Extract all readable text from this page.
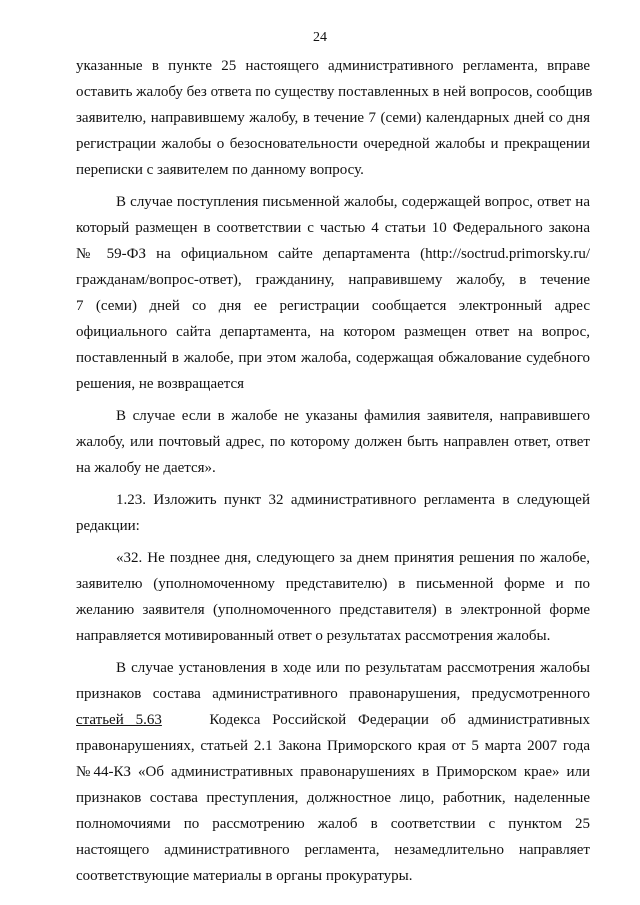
24
указанные в пункте 25 настоящего административного регламента, вправе
оставить жалобу без ответа по существу поставленных в ней вопросов, сообщив
заявителю, направившему жалобу, в течение 7 (семи) календарных дней со дня
регистрации жалобы о безосновательности очередной жалобы и прекращении
переписки с заявителем по данному вопросу.
В случае поступления письменной жалобы, содержащей вопрос, ответ на
который размещен в соответствии с частью 4 статьи 10 Федерального закона
№ 59-ФЗ на официальном сайте департамента (http://soctrud.primorsky.ru/
гражданам/вопрос-ответ), гражданину, направившему жалобу, в течение
7 (семи) дней со дня ее регистрации сообщается электронный адрес
официального сайта департамента, на котором размещен ответ на вопрос,
поставленный в жалобе, при этом жалоба, содержащая обжалование судебного
решения, не возвращается
В случае если в жалобе не указаны фамилия заявителя, направившего
жалобу, или почтовый адрес, по которому должен быть направлен ответ, ответ
на жалобу не дается».
1.23. Изложить пункт 32 административного регламента в следующей
редакции:
«32. Не позднее дня, следующего за днем принятия решения по жалобе,
заявителю (уполномоченному представителю) в письменной форме и по
желанию заявителя (уполномоченного представителя) в электронной форме
направляется мотивированный ответ о результатах рассмотрения жалобы.
В случае установления в ходе или по результатам рассмотрения жалобы
признаков состава административного правонарушения, предусмотренного
статьей 5.63	Кодекса Российской Федерации об административных
правонарушениях, статьей 2.1 Закона Приморского края от 5 марта 2007 года
№44-КЗ «Об административных правонарушениях в Приморском крае» или
признаков состава преступления, должностное лицо, работник, наделенные
полномочиями по рассмотрению жалоб в соответствии с пунктом 25
настоящего административного регламента, незамедлительно направляет
соответствующие материалы в органы прокуратуры.
